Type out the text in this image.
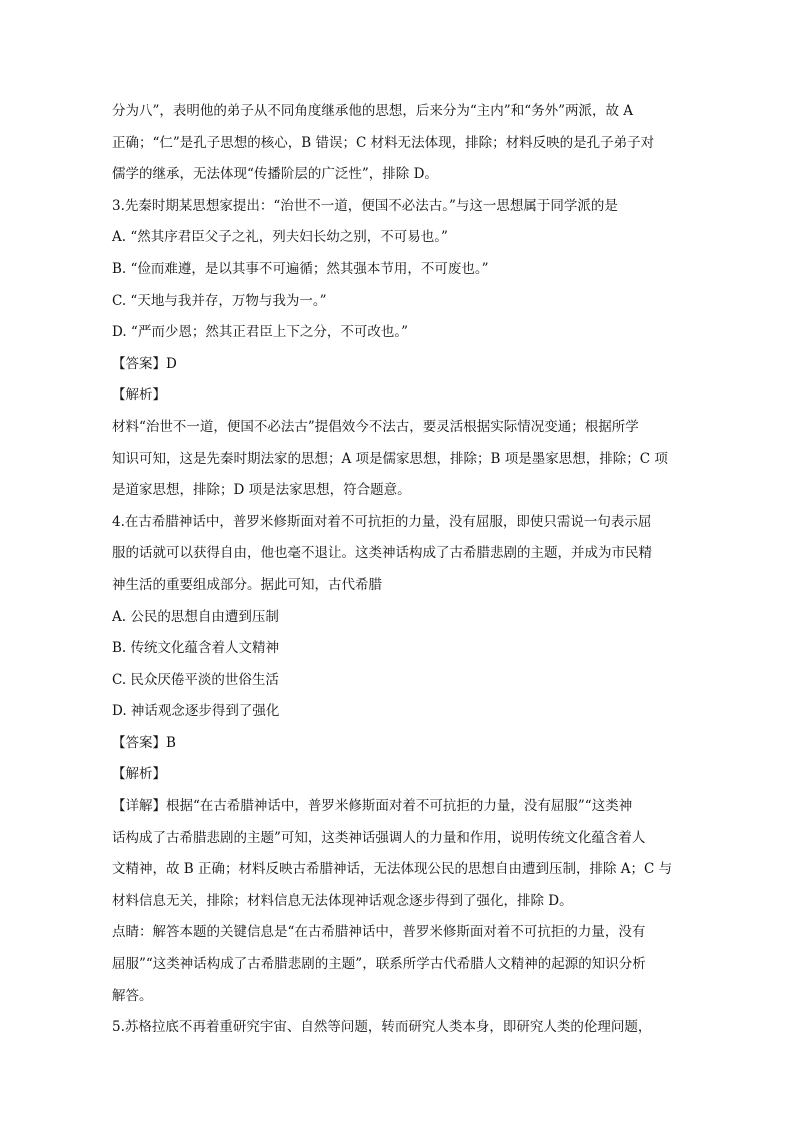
分为八”，表明他的弟子从不同角度继承他的思想，后来分为“主内”和“务外”两派，故 A
正确；“仁”是孔子思想的核心，B 错误；C 材料无法体现，排除；材料反映的是孔子弟子对
儒学的继承，无法体现“传播阶层的广泛性”，排除 D。
3.先秦时期某思想家提出：“治世不一道，便国不必法古。”与这一思想属于同学派的是
A. “然其序君臣父子之礼，列夫妇长幼之别，不可易也。”
B. “俭而难遵，是以其事不可遍循；然其强本节用，不可废也。”
C. “天地与我并存，万物与我为一。”
D. “严而少恩；然其正君臣上下之分，不可改也。”
【答案】D
【解析】
材料“治世不一道，便国不必法古”提倡效今不法古，要灵活根据实际情况变通；根据所学
知识可知，这是先秦时期法家的思想；A 项是儒家思想，排除；B 项是墨家思想，排除；C 项
是道家思想，排除；D 项是法家思想，符合题意。
4.在古希腊神话中，普罗米修斯面对着不可抗拒的力量，没有屈服，即使只需说一句表示屈
服的话就可以获得自由，他也毫不退让。这类神话构成了古希腊悲剧的主题，并成为市民精
神生活的重要组成部分。据此可知，古代希腊
A. 公民的思想自由遭到压制
B. 传统文化蕴含着人文精神
C. 民众厌倦平淡的世俗生活
D. 神话观念逐步得到了强化
【答案】B
【解析】
【详解】根据“在古希腊神话中，普罗米修斯面对着不可抗拒的力量，没有屈服”“这类神
话构成了古希腊悲剧的主题”可知，这类神话强调人的力量和作用，说明传统文化蕴含着人
文精神，故 B 正确；材料反映古希腊神话，无法体现公民的思想自由遭到压制，排除 A；C 与
材料信息无关，排除；材料信息无法体现神话观念逐步得到了强化，排除 D。
点睛：解答本题的关键信息是“在古希腊神话中，普罗米修斯面对着不可抗拒的力量，没有
屈服”“这类神话构成了古希腊悲剧的主题”，联系所学古代希腊人文精神的起源的知识分析
解答。
5.苏格拉底不再着重研究宇宙、自然等问题，转而研究人类本身，即研究人类的伦理问题，
